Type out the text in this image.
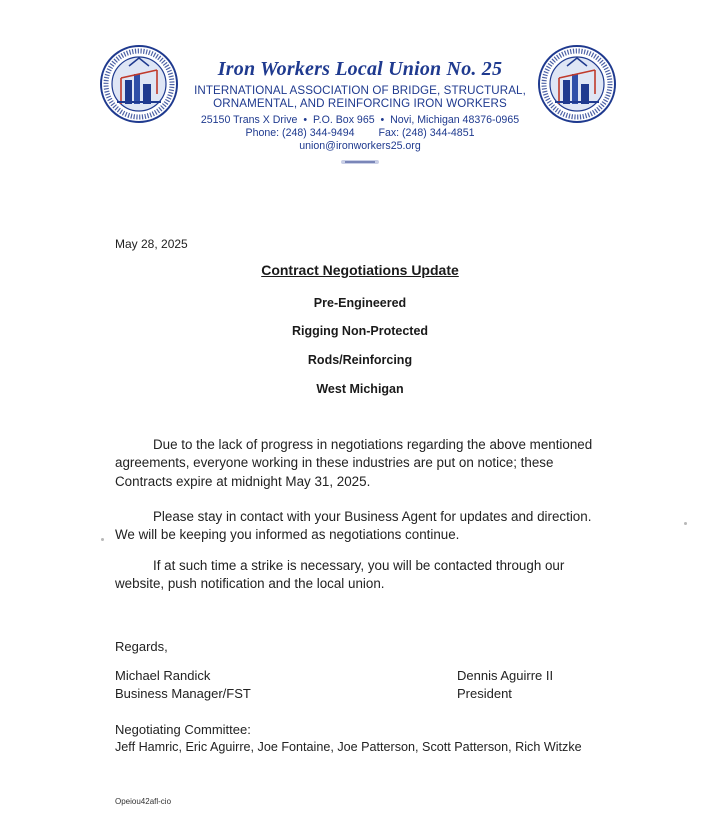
Iron Workers Local Union No. 25
INTERNATIONAL ASSOCIATION OF BRIDGE, STRUCTURAL,
ORNAMENTAL, AND REINFORCING IRON WORKERS
25150 Trans X Drive  •  P.O. Box 965  •  Novi, Michigan 48376-0965
Phone: (248) 344-9494 Fax: (248) 344-4851
union@ironworkers25.org
May 28, 2025
Contract Negotiations Update
Pre-Engineered
Rigging Non-Protected
Rods/Reinforcing
West Michigan
Due to the lack of progress in negotiations regarding the above mentioned
agreements, everyone working in these industries are put on notice; these
Contracts expire at midnight May 31, 2025.
Please stay in contact with your Business Agent for updates and direction.
We will be keeping you informed as negotiations continue.
If at such time a strike is necessary, you will be contacted through our
website, push notification and the local union.
Regards,
Michael Randick
Business Manager/FST
Dennis Aguirre II
President
Negotiating Committee:
Jeff Hamric, Eric Aguirre, Joe Fontaine, Joe Patterson, Scott Patterson, Rich Witzke
Opeiou42afl-cio
